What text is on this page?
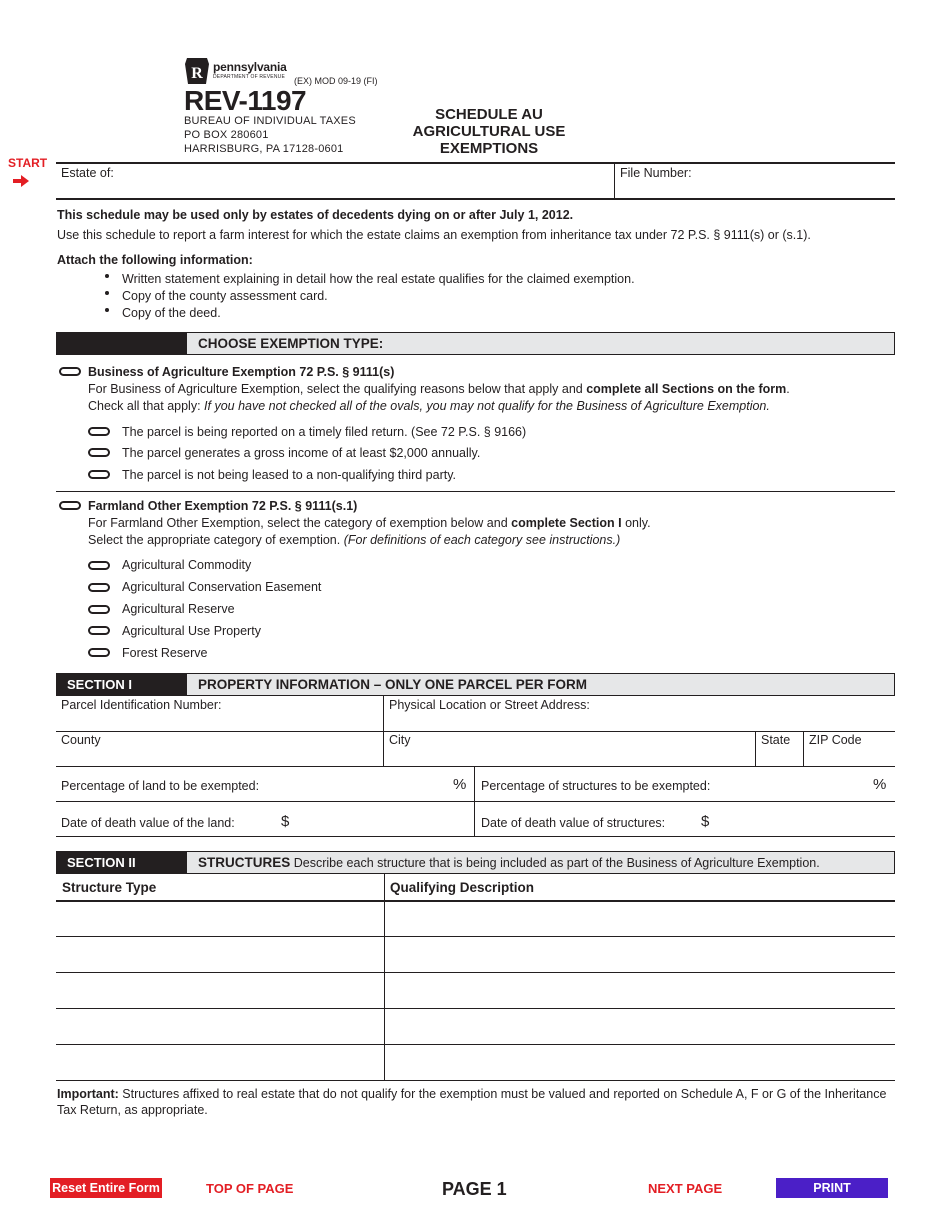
R pennsylvania
DEPARTMENT OF REVENUE (EX) MOD 09-19 (FI)
REV-1197
BUREAU OF INDIVIDUAL TAXES
PO BOX 280601
HARRISBURG, PA 17128-0601
SCHEDULE AU
AGRICULTURAL USE
EXEMPTIONS
START
Estate of:	File Number:
This schedule may be used only by estates of decedents dying on or after July 1, 2012.
Use this schedule to report a farm interest for which the estate claims an exemption from inheritance tax under 72 P.S. § 9111(s) or (s.1).
Attach the following information:
Written statement explaining in detail how the real estate qualifies for the claimed exemption.
Copy of the county assessment card.
Copy of the deed.
CHOOSE EXEMPTION TYPE:
Business of Agriculture Exemption 72 P.S. § 9111(s)
For Business of Agriculture Exemption, select the qualifying reasons below that apply and complete all Sections on the form.
Check all that apply: If you have not checked all of the ovals, you may not qualify for the Business of Agriculture Exemption.
The parcel is being reported on a timely filed return. (See 72 P.S. § 9166)
The parcel generates a gross income of at least $2,000 annually.
The parcel is not being leased to a non-qualifying third party.
Farmland Other Exemption 72 P.S. § 9111(s.1)
For Farmland Other Exemption, select the category of exemption below and complete Section I only.
Select the appropriate category of exemption. (For definitions of each category see instructions.)
Agricultural Commodity
Agricultural Conservation Easement
Agricultural Reserve
Agricultural Use Property
Forest Reserve
SECTION I	PROPERTY INFORMATION – ONLY ONE PARCEL PER FORM
Parcel Identification Number:	Physical Location or Street Address:
County	City	State ZIP Code
Percentage of land to be exempted:	% Percentage of structures to be exempted:	%
Date of death value of the land:	$	Date of death value of structures: $
SECTION II	STRUCTURES Describe each structure that is being included as part of the Business of Agriculture Exemption.
Structure Type	Qualifying Description
Important: Structures affixed to real estate that do not qualify for the exemption must be valued and reported on Schedule A, F or G of the Inheritance
Tax Return, as appropriate.
Reset Entire Form	TOP OF PAGE	PAGE 1	NEXT PAGE	PRINT
